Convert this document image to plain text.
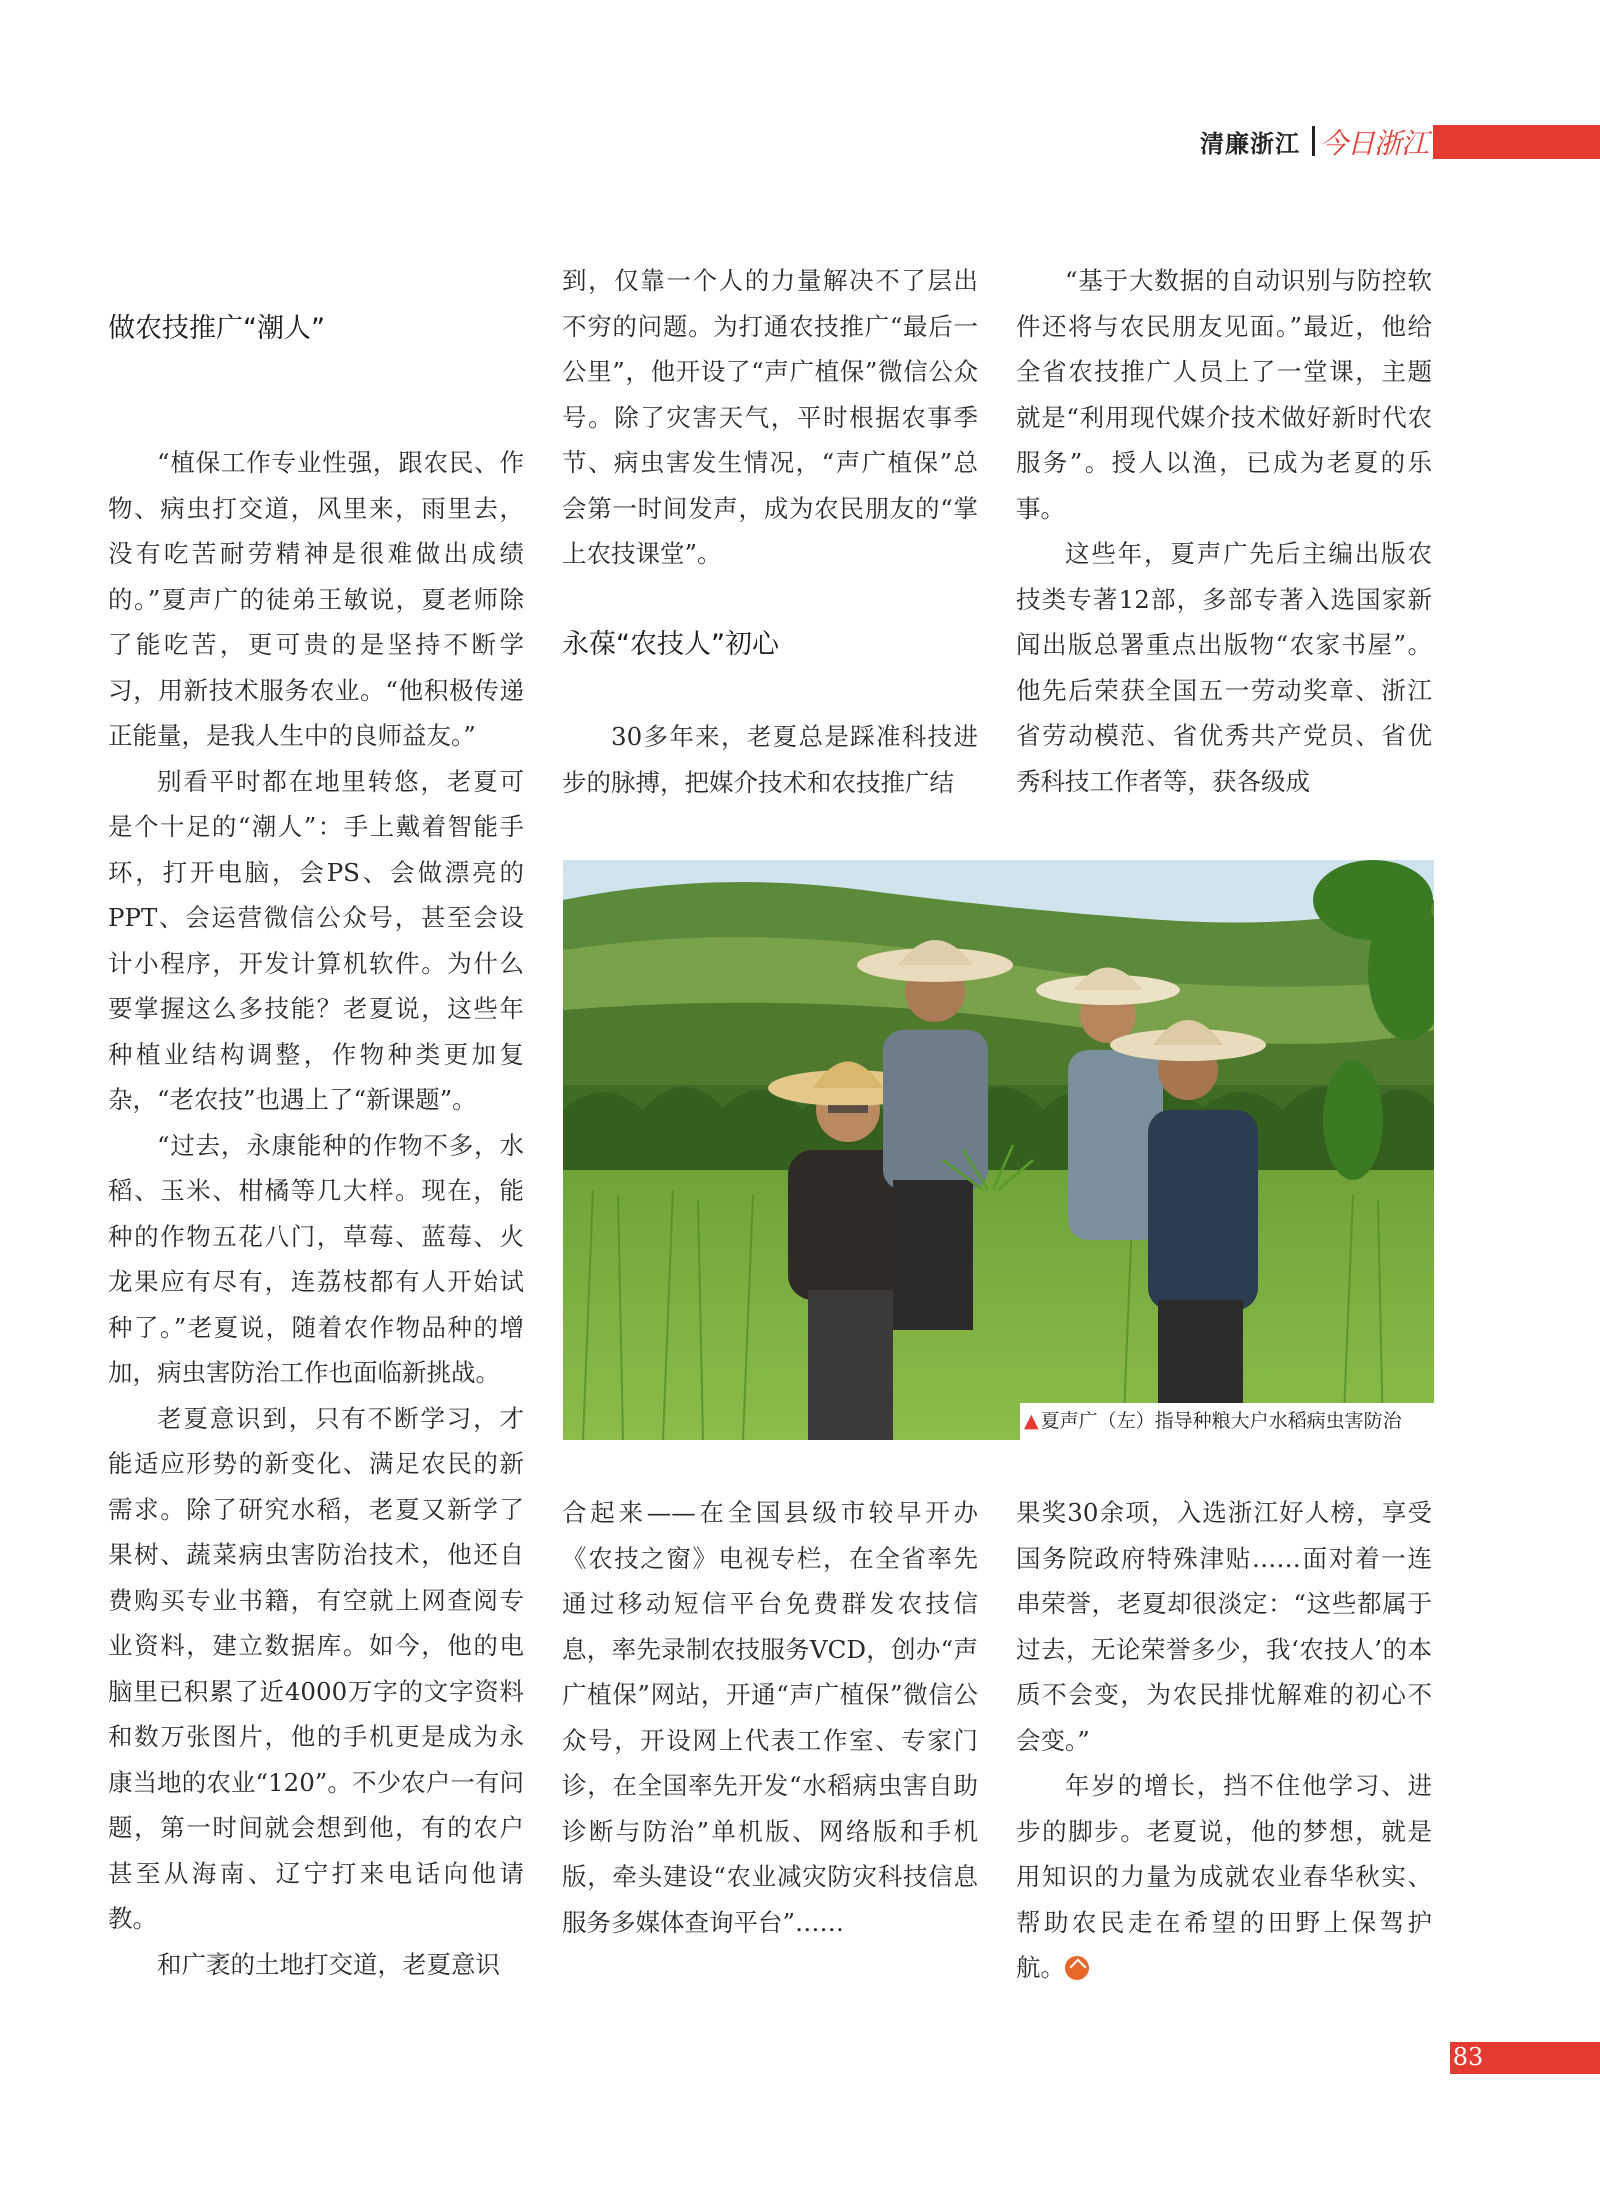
清廉浙江 今日浙江
做农技推广“潮人”

“植保工作专业性强，跟农民、作物、病虫打交道，风里来，雨里去，没有吃苦耐劳精神是很难做出成绩的。”夏声广的徒弟王敏说，夏老师除了能吃苦，更可贵的是坚持不断学习，用新技术服务农业。“他积极传递正能量，是我人生中的良师益友。”

别看平时都在地里转悠，老夏可是个十足的“潮人”：手上戴着智能手环，打开电脑，会PS、会做漂亮的PPT、会运营微信公众号，甚至会设计小程序，开发计算机软件。为什么要掌握这么多技能？老夏说，这些年种植业结构调整，作物种类更加复杂，“老农技”也遇上了“新课题”。

“过去，永康能种的作物不多，水稻、玉米、柑橘等几大样。现在，能种的作物五花八门，草莓、蓝莓、火龙果应有尽有，连荔枝都有人开始试种了。”老夏说，随着农作物品种的增加，病虫害防治工作也面临新挑战。

老夏意识到，只有不断学习，才能适应形势的新变化、满足农民的新需求。除了研究水稻，老夏又新学了果树、蔬菜病虫害防治技术，他还自费购买专业书籍，有空就上网查阅专业资料，建立数据库。如今，他的电脑里已积累了近4000万字的文字资料和数万张图片，他的手机更是成为永康当地的农业“120”。不少农户一有问题，第一时间就会想到他，有的农户甚至从海南、辽宁打来电话向他请教。

和广袤的土地打交道，老夏意识

到，仅靠一个人的力量解决不了层出不穷的问题。为打通农技推广“最后一公里”，他开设了“声广植保”微信公众号。除了灾害天气，平时根据农事季节、病虫害发生情况，“声广植保”总会第一时间发声，成为农民朋友的“掌上农技课堂”。

永葆“农技人”初心

30多年来，老夏总是踩准科技进步的脉搏，把媒介技术和农技推广结

“基于大数据的自动识别与防控软件还将与农民朋友见面。”最近，他给全省农技推广人员上了一堂课，主题就是“利用现代媒介技术做好新时代农服务”。授人以渔，已成为老夏的乐事。

这些年，夏声广先后主编出版农技类专著12部，多部专著入选国家新闻出版总署重点出版物“农家书屋”。他先后荣获全国五一劳动奖章、浙江省劳动模范、省优秀共产党员、省优秀科技工作者等，获各级成

▲ 夏声广（左）指导种粮大户水稻病虫害防治

合起来——在全国县级市较早开办《农技之窗》电视专栏，在全省率先通过移动短信平台免费群发农技信息，率先录制农技服务VCD，创办“声广植保”网站，开通“声广植保”微信公众号，开设网上代表工作室、专家门诊，在全国率先开发“水稻病虫害自助诊断与防治”单机版、网络版和手机版，牵头建设“农业减灾防灾科技信息服务多媒体查询平台”……

果奖30余项，入选浙江好人榜，享受国务院政府特殊津贴……面对着一连串荣誉，老夏却很淡定：“这些都属于过去，无论荣誉多少，我‘农技人’的本质不会变，为农民排忧解难的初心不会变。”

年岁的增长，挡不住他学习、进步的脚步。老夏说，他的梦想，就是用知识的力量为成就农业春华秋实、帮助农民走在希望的田野上保驾护航。

83
